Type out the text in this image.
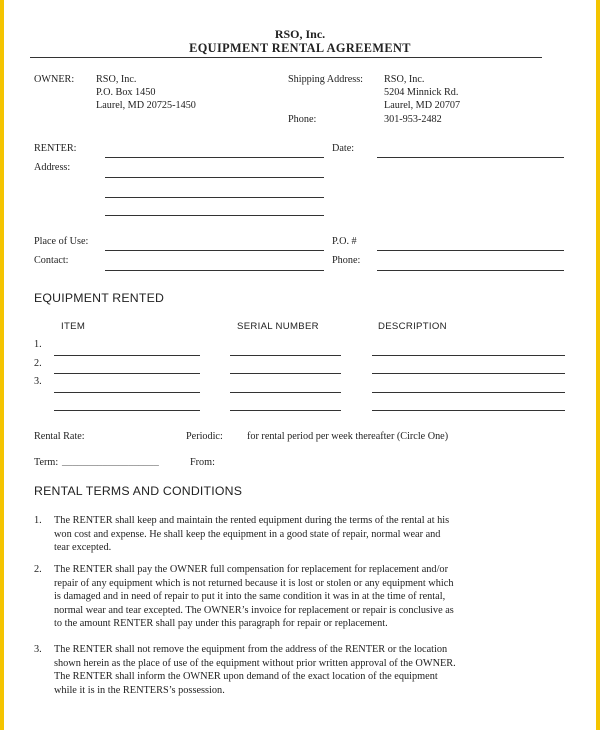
RSO, Inc.
EQUIPMENT RENTAL AGREEMENT
OWNER: RSO, Inc.
P.O. Box 1450
Laurel, MD 20725-1450
Shipping Address: RSO, Inc.
5204 Minnick Rd.
Laurel, MD 20707
Phone:	301-953-2482
RENTER:	Date:
Address:
Place of Use:	P.O. #
Contact:	Phone:
EQUIPMENT RENTED
ITEM	SERIAL NUMBER	DESCRIPTION
1.
2.
3.
Rental Rate:	Periodic: for rental period per week thereafter (Circle One)
Term: ___________________	From:
RENTAL TERMS AND CONDITIONS
1. The RENTER shall keep and maintain the rented equipment during the terms of the rental at his
won cost and expense. He shall keep the equipment in a good state of repair, normal wear and
tear excepted.
2. The RENTER shall pay the OWNER full compensation for replacement for replacement and/or
repair of any equipment which is not returned because it is lost or stolen or any equipment which
is damaged and in need of repair to put it into the same condition it was in at the time of rental,
normal wear and tear excepted. The OWNER’s invoice for replacement or repair is conclusive as
to the amount RENTER shall pay under this paragraph for repair or replacement.
3. The RENTER shall not remove the equipment from the address of the RENTER or the location
shown herein as the place of use of the equipment without prior written approval of the OWNER.
The RENTER shall inform the OWNER upon demand of the exact location of the equipment
while it is in the RENTERS’s possession.
